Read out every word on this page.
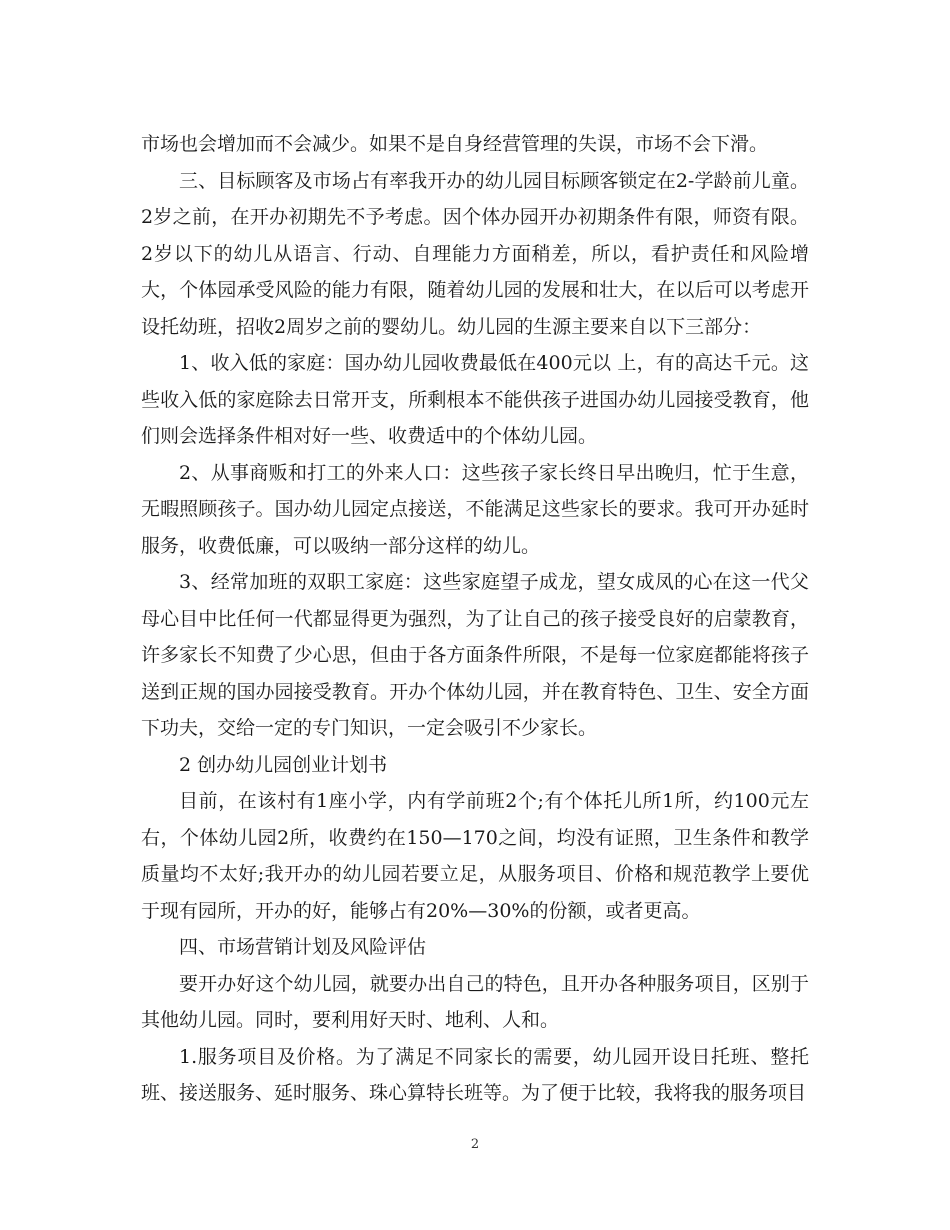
市场也会增加而不会减少。如果不是自身经营管理的失误，市场不会下滑。

三、目标顾客及市场占有率我开办的幼儿园目标顾客锁定在2-学龄前儿童。2岁之前，在开办初期先不予考虑。因个体办园开办初期条件有限，师资有限。2岁以下的幼儿从语言、行动、自理能力方面稍差，所以，看护责任和风险增大，个体园承受风险的能力有限，随着幼儿园的发展和壮大，在以后可以考虑开设托幼班，招收2周岁之前的婴幼儿。幼儿园的生源主要来自以下三部分：

1、收入低的家庭：国办幼儿园收费最低在400元以 上，有的高达千元。这些收入低的家庭除去日常开支，所剩根本不能供孩子进国办幼儿园接受教育，他们则会选择条件相对好一些、收费适中的个体幼儿园。

2、从事商贩和打工的外来人口：这些孩子家长终日早出晚归，忙于生意，无暇照顾孩子。国办幼儿园定点接送，不能满足这些家长的要求。我可开办延时服务，收费低廉，可以吸纳一部分这样的幼儿。

3、经常加班的双职工家庭：这些家庭望子成龙，望女成凤的心在这一代父母心目中比任何一代都显得更为强烈，为了让自己的孩子接受良好的启蒙教育，许多家长不知费了少心思，但由于各方面条件所限，不是每一位家庭都能将孩子送到正规的国办园接受教育。开办个体幼儿园，并在教育特色、卫生、安全方面下功夫，交给一定的专门知识，一定会吸引不少家长。

2 创办幼儿园创业计划书

目前，在该村有1座小学，内有学前班2个;有个体托儿所1所，约100元左右，个体幼儿园2所，收费约在150—170之间，均没有证照，卫生条件和教学质量均不太好;我开办的幼儿园若要立足，从服务项目、价格和规范教学上要优于现有园所，开办的好，能够占有20%—30%的份额，或者更高。

四、市场营销计划及风险评估

要开办好这个幼儿园，就要办出自己的特色，且开办各种服务项目，区别于其他幼儿园。同时，要利用好天时、地利、人和。

1.服务项目及价格。为了满足不同家长的需要，幼儿园开设日托班、整托班、接送服务、延时服务、珠心算特长班等。为了便于比较，我将我的服务项目

2
